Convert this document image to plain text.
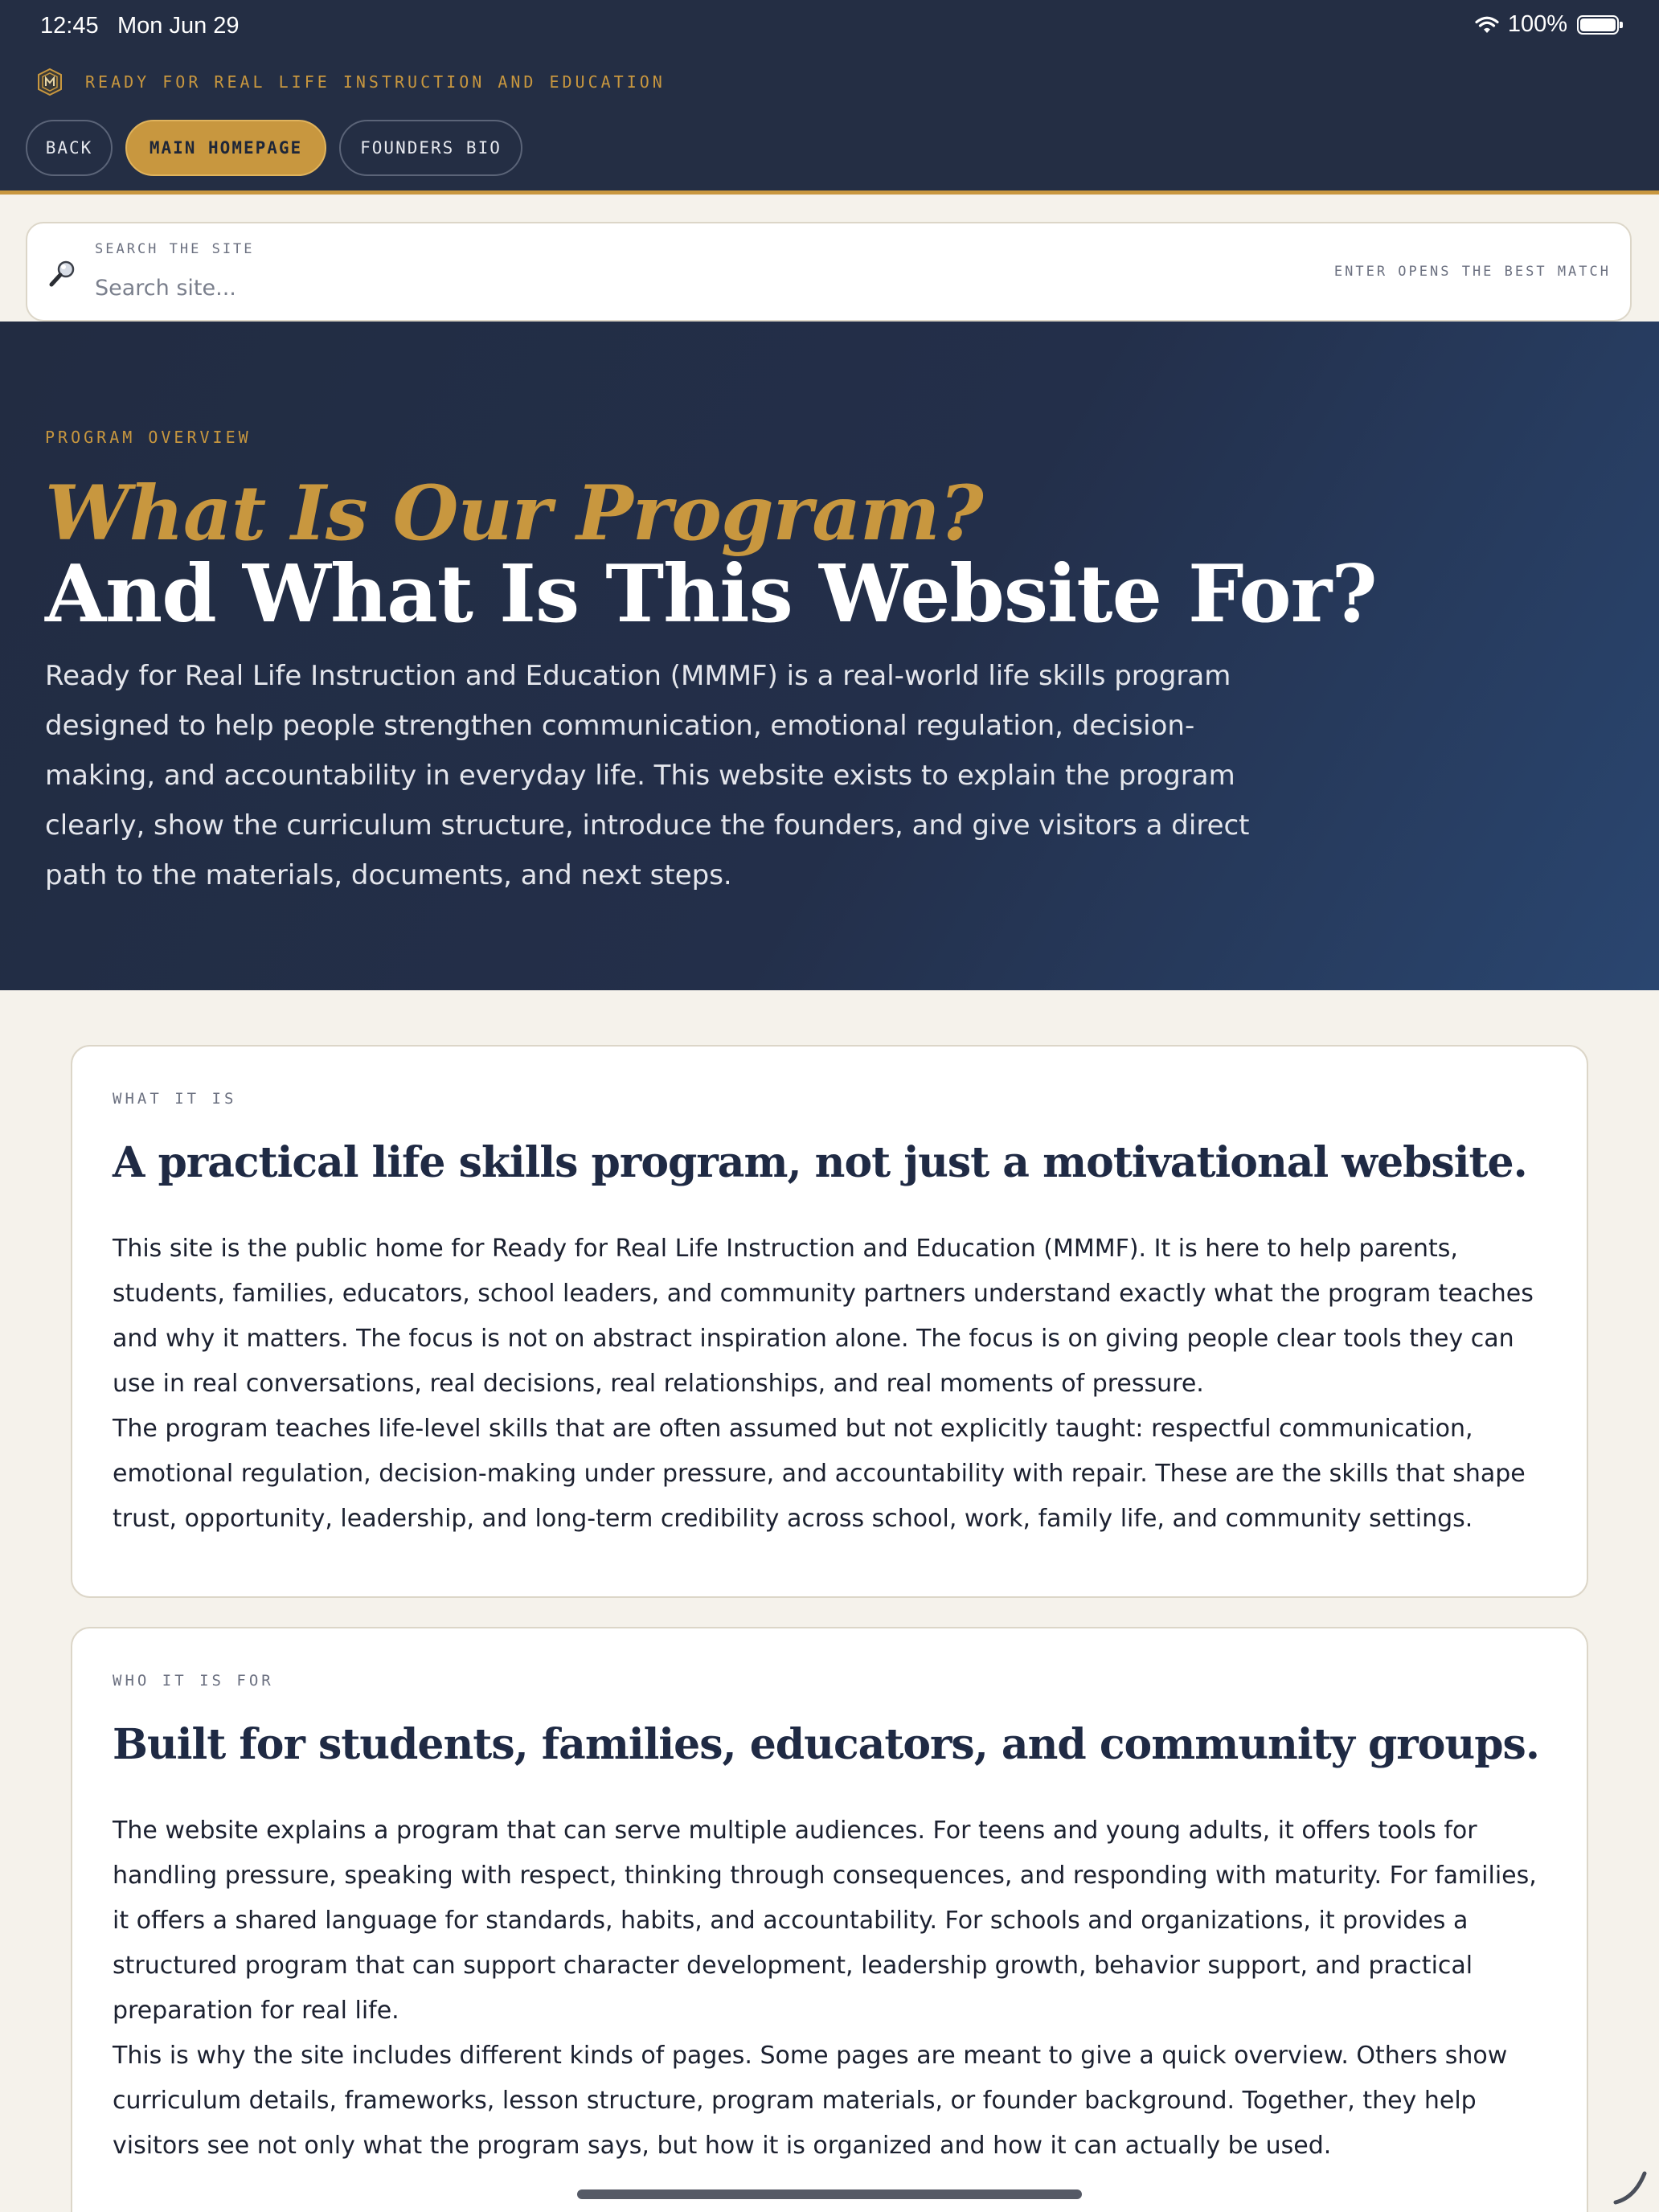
12:45 Mon Jun 29	100%
READY FOR REAL LIFE INSTRUCTION AND EDUCATION
BACK	MAIN HOMEPAGE	FOUNDERS BIO
SEARCH THE SITE
Search site...
ENTER OPENS THE BEST MATCH
PROGRAM OVERVIEW
What Is Our Program?
And What Is This Website For?

Ready for Real Life Instruction and Education (MMMF) is a real-world life skills program designed to help people strengthen communication, emotional regulation, decision-making, and accountability in everyday life. This website exists to explain the program clearly, show the curriculum structure, introduce the founders, and give visitors a direct path to the materials, documents, and next steps.

WHAT IT IS
A practical life skills program, not just a motivational website.

This site is the public home for Ready for Real Life Instruction and Education (MMMF). It is here to help parents, students, families, educators, school leaders, and community partners understand exactly what the program teaches and why it matters. The focus is not on abstract inspiration alone. The focus is on giving people clear tools they can use in real conversations, real decisions, real relationships, and real moments of pressure.

The program teaches life-level skills that are often assumed but not explicitly taught: respectful communication, emotional regulation, decision-making under pressure, and accountability with repair. These are the skills that shape trust, opportunity, leadership, and long-term credibility across school, work, family life, and community settings.

WHO IT IS FOR
Built for students, families, educators, and community groups.

The website explains a program that can serve multiple audiences. For teens and young adults, it offers tools for handling pressure, speaking with respect, thinking through consequences, and responding with maturity. For families, it offers a shared language for standards, habits, and accountability. For schools and organizations, it provides a structured program that can support character development, leadership growth, behavior support, and practical preparation for real life.

This is why the site includes different kinds of pages. Some pages are meant to give a quick overview. Others show curriculum details, frameworks, lesson structure, program materials, or founder background. Together, they help visitors see not only what the program says, but how it is organized and how it can actually be used.
